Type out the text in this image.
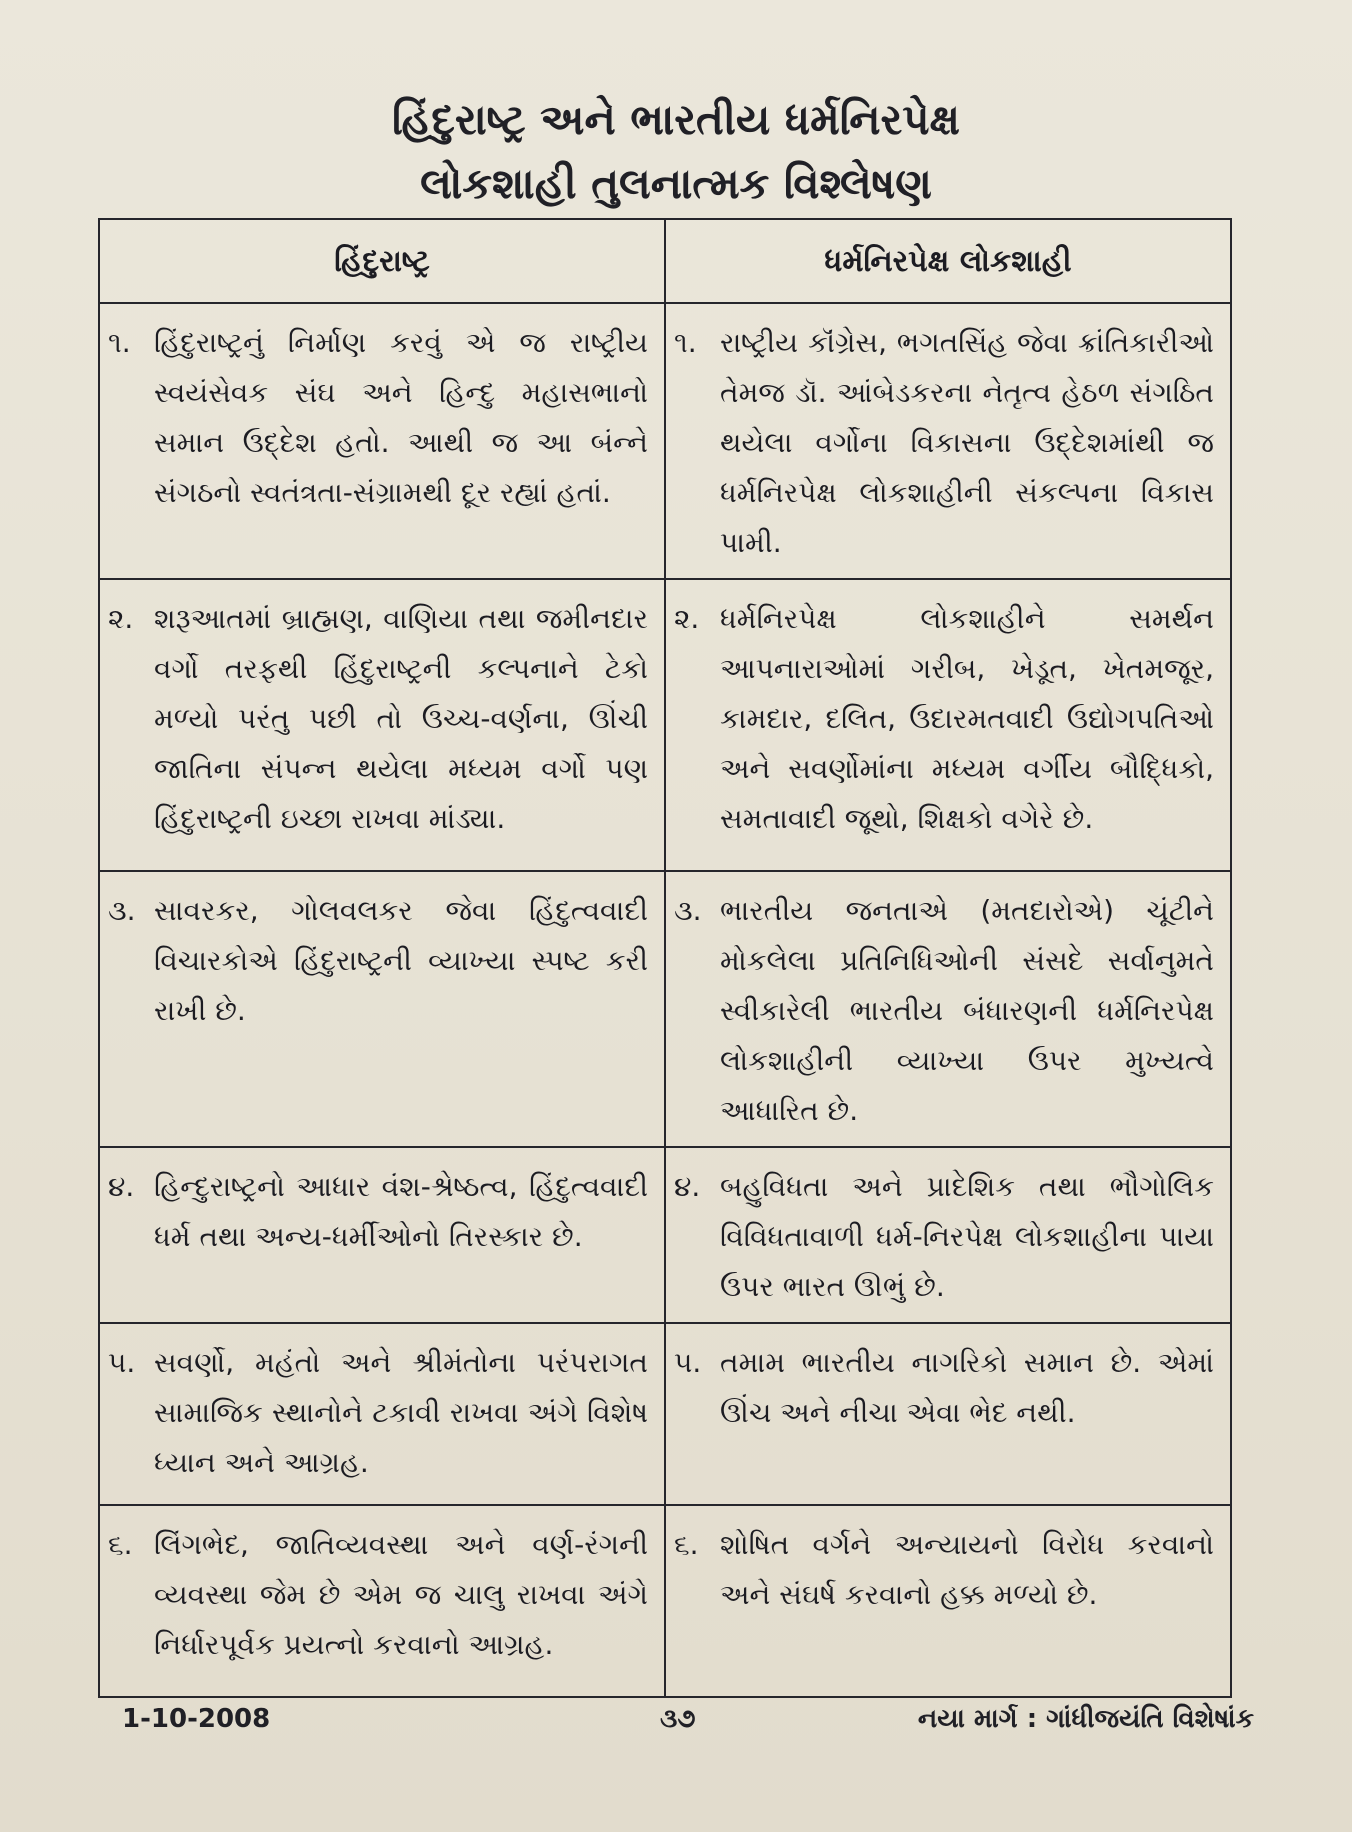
હિંદુરાષ્ટ્ર અને ભારતીય ધર્મનિરપેક્ષ
લોકશાહી તુલનાત્મક વિશ્લેષણ
હિંદુરાષ્ટ્ર	ધર્મનિરપેક્ષ લોકશાહી

૧. હિંદુરાષ્ટ્રનું નિર્માણ કરવું એ જ રાષ્ટ્રીય સ્વયંસેવક સંઘ અને હિન્દુ મહાસભાનો સમાન ઉદ્દેશ હતો. આથી જ આ બંન્ને સંગઠનો સ્વતંત્રતા-સંગ્રામથી દૂર રહ્યાં હતાં.	૧. રાષ્ટ્રીય કૉંગ્રેસ, ભગતસિંહ જેવા ક્રાંતિકારીઓ તેમજ ડૉ. આંબેડકરના નેતૃત્વ હેઠળ સંગઠિત થયેલા વર્ગોના વિકાસના ઉદ્દેશમાંથી જ ધર્મનિરપેક્ષ લોકશાહીની સંકલ્પના વિકાસ પામી.

૨. શરૂઆતમાં બ્રાહ્મણ, વાણિયા તથા જમીનદાર વર્ગો તરફથી હિંદુરાષ્ટ્રની કલ્પનાને ટેકો મળ્યો પરંતુ પછી તો ઉચ્ચ-વર્ણના, ઊંચી જાતિના સંપન્ન થયેલા મધ્યમ વર્ગો પણ હિંદુરાષ્ટ્રની ઇચ્છા રાખવા માંડ્યા.	૨. ધર્મનિરપેક્ષ લોકશાહીને સમર્થન આપનારાઓમાં ગરીબ, ખેડૂત, ખેતમજૂર, કામદાર, દલિત, ઉદારમતવાદી ઉદ્યોગપતિઓ અને સવર્ણોમાંના મધ્યમ વર્ગીય બૌદ્ધિકો, સમતાવાદી જૂથો, શિક્ષકો વગેરે છે.

૩. સાવરકર, ગોલવલકર જેવા હિંદુત્વવાદી વિચારકોએ હિંદુરાષ્ટ્રની વ્યાખ્યા સ્પષ્ટ કરી રાખી છે.	૩. ભારતીય જનતાએ (મતદારોએ) ચૂંટીને મોકલેલા પ્રતિનિધિઓની સંસદે સર્વાનુમતે સ્વીકારેલી ભારતીય બંધારણની ધર્મનિરપેક્ષ લોકશાહીની વ્યાખ્યા ઉપર મુખ્યત્વે આધારિત છે.

૪. હિન્દુરાષ્ટ્રનો આધાર વંશ-શ્રેષ્ઠત્વ, હિંદુત્વવાદી ધર્મ તથા અન્ય-ધર્મીઓનો તિરસ્કાર છે.	૪. બહુવિધતા અને પ્રાદેશિક તથા ભૌગોલિક વિવિધતાવાળી ધર્મ-નિરપેક્ષ લોકશાહીના પાયા ઉપર ભારત ઊભું છે.

૫. સવર્ણો, મહંતો અને શ્રીમંતોના પરંપરાગત સામાજિક સ્થાનોને ટકાવી રાખવા અંગે વિશેષ ધ્યાન અને આગ્રહ.	૫. તમામ ભારતીય નાગરિકો સમાન છે. એમાં ઊંચ અને નીચા એવા ભેદ નથી.

૬. લિંગભેદ, જાતિવ્યવસ્થા અને વર્ણ-રંગની વ્યવસ્થા જેમ છે એમ જ ચાલુ રાખવા અંગે નિર્ધારપૂર્વક પ્રયત્નો કરવાનો આગ્રહ.	૬. શોષિત વર્ગને અન્યાયનો વિરોધ કરવાનો અને સંઘર્ષ કરવાનો હક્ક મળ્યો છે.
1-10-2008	૩૭	નયા માર્ગ : ગાંધીજયંતિ વિશેષાંક
